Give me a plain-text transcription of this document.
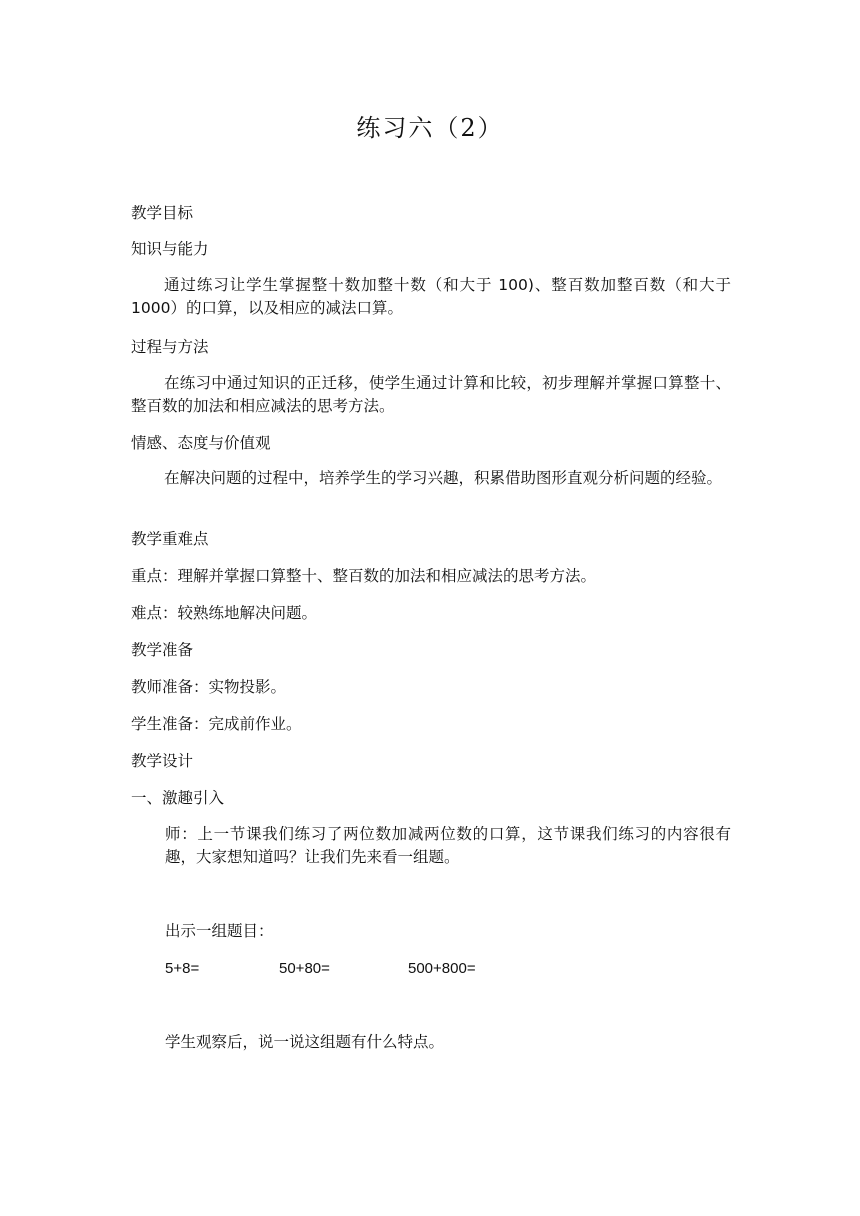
练习六（2）
教学目标
知识与能力
通过练习让学生掌握整十数加整十数（和大于 100)、整百数加整百数（和大于 1000）的口算，以及相应的减法口算。
过程与方法
在练习中通过知识的正迁移，使学生通过计算和比较，初步理解并掌握口算整十、整百数的加法和相应减法的思考方法。
情感、态度与价值观
在解决问题的过程中，培养学生的学习兴趣，积累借助图形直观分析问题的经验。
教学重难点
重点：理解并掌握口算整十、整百数的加法和相应减法的思考方法。
难点：较熟练地解决问题。
教学准备
教师准备：实物投影。
学生准备：完成前作业。
教学设计
一、激趣引入
师：上一节课我们练习了两位数加减两位数的口算，这节课我们练习的内容很有趣，大家想知道吗？让我们先来看一组题。
出示一组题目：
5+8=	50+80=	500+800=
学生观察后，说一说这组题有什么特点。
